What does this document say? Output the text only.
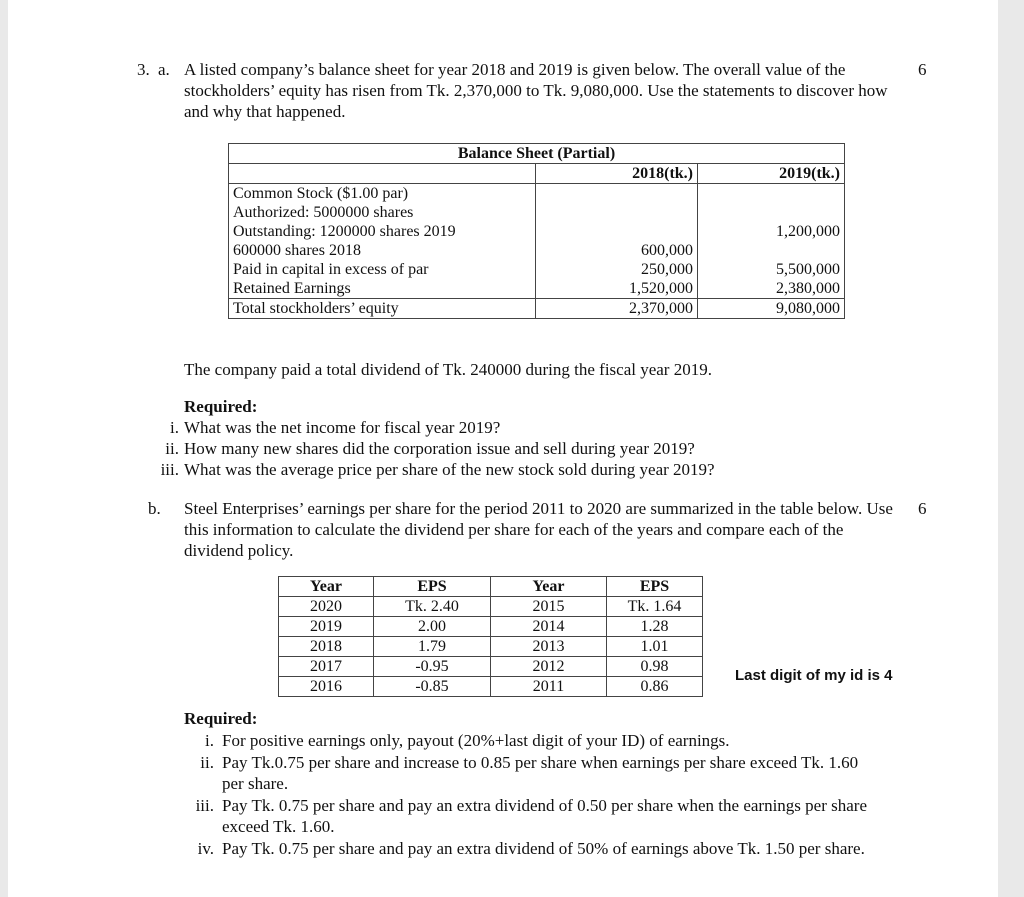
3. a. A listed company’s balance sheet for year 2018 and 2019 is given below. The overall value of the stockholders’ equity has risen from Tk. 2,370,000 to Tk. 9,080,000. Use the statements to discover how and why that happened.
6
Balance Sheet (Partial)		
	2018(tk.)	2019(tk.)
Common Stock ($1.00 par)		
Authorized: 5000000 shares		
Outstanding: 1200000 shares 2019		1,200,000
600000 shares 2018	600,000	
Paid in capital in excess of par	250,000	5,500,000
Retained Earnings	1,520,000	2,380,000
Total stockholders’ equity	2,370,000	9,080,000
The company paid a total dividend of Tk. 240000 during the fiscal year 2019.
Required:
i. What was the net income for fiscal year 2019?
ii. How many new shares did the corporation issue and sell during year 2019?
iii. What was the average price per share of the new stock sold during year 2019?
b. Steel Enterprises’ earnings per share for the period 2011 to 2020 are summarized in the table below. Use this information to calculate the dividend per share for each of the years and compare each of the dividend policy.
6
Year	EPS	Year	EPS
2020	Tk. 2.40	2015	Tk. 1.64
2019	2.00	2014	1.28
2018	1.79	2013	1.01
2017	-0.95	2012	0.98
2016	-0.85	2011	0.86
Last digit of my id is 4
Required:
i. For positive earnings only, payout (20%+last digit of your ID) of earnings.
ii. Pay Tk.0.75 per share and increase to 0.85 per share when earnings per share exceed Tk. 1.60 per share.
iii. Pay Tk. 0.75 per share and pay an extra dividend of 0.50 per share when the earnings per share exceed Tk. 1.60.
iv. Pay Tk. 0.75 per share and pay an extra dividend of 50% of earnings above Tk. 1.50 per share.
